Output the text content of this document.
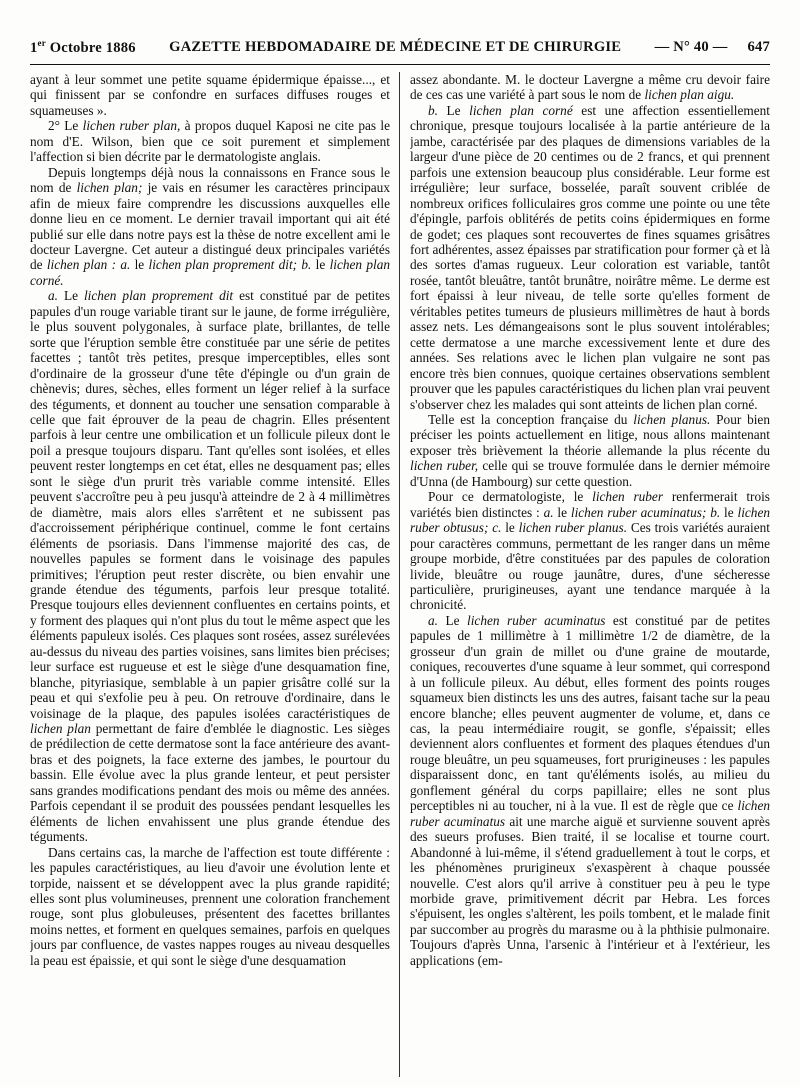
1er Octobre 1886 GAZETTE HEBDOMADAIRE DE MÉDECINE ET DE CHIRURGIE — N° 40 — 647

ayant à leur sommet une petite squame épidermique épaisse..., et qui finissent par se confondre en surfaces diffuses rouges et squameuses ».

2° Le lichen ruber plan, à propos duquel Kaposi ne cite pas le nom d'E. Wilson, bien que ce soit purement et simplement l'affection si bien décrite par le dermatologiste anglais.

Depuis longtemps déjà nous la connaissons en France sous le nom de lichen plan; je vais en résumer les caractères principaux afin de mieux faire comprendre les discussions auxquelles elle donne lieu en ce moment. Le dernier travail important qui ait été publié sur elle dans notre pays est la thèse de notre excellent ami le docteur Lavergne. Cet auteur a distingué deux principales variétés de lichen plan : a. le lichen plan proprement dit; b. le lichen plan corné.

a. Le lichen plan proprement dit est constitué par de petites papules d'un rouge variable tirant sur le jaune, de forme irrégulière, le plus souvent polygonales, à surface plate, brillantes, de telle sorte que l'éruption semble être constituée par une série de petites facettes ; tantôt très petites, presque imperceptibles, elles sont d'ordinaire de la grosseur d'une tête d'épingle ou d'un grain de chènevis; dures, sèches, elles forment un léger relief à la surface des téguments, et donnent au toucher une sensation comparable à celle que fait éprouver de la peau de chagrin. Elles présentent parfois à leur centre une ombilication et un follicule pileux dont le poil a presque toujours disparu. Tant qu'elles sont isolées, et elles peuvent rester longtemps en cet état, elles ne desquament pas; elles sont le siège d'un prurit très variable comme intensité. Elles peuvent s'accroître peu à peu jusqu'à atteindre de 2 à 4 millimètres de diamètre, mais alors elles s'arrêtent et ne subissent pas d'accroissement périphérique continuel, comme le font certains éléments de psoriasis. Dans l'immense majorité des cas, de nouvelles papules se forment dans le voisinage des papules primitives; l'éruption peut rester discrète, ou bien envahir une grande étendue des téguments, parfois leur presque totalité. Presque toujours elles deviennent confluentes en certains points, et y forment des plaques qui n'ont plus du tout le même aspect que les éléments papuleux isolés. Ces plaques sont rosées, assez surélevées au-dessus du niveau des parties voisines, sans limites bien précises; leur surface est rugueuse et est le siège d'une desquamation fine, blanche, pityriasique, semblable à un papier grisâtre collé sur la peau et qui s'exfolie peu à peu. On retrouve d'ordinaire, dans le voisinage de la plaque, des papules isolées caractéristiques de lichen plan permettant de faire d'emblée le diagnostic. Les sièges de prédilection de cette dermatose sont la face antérieure des avant-bras et des poignets, la face externe des jambes, le pourtour du bassin. Elle évolue avec la plus grande lenteur, et peut persister sans grandes modifications pendant des mois ou même des années. Parfois cependant il se produit des poussées pendant lesquelles les éléments de lichen envahissent une plus grande étendue des téguments.

Dans certains cas, la marche de l'affection est toute différente : les papules caractéristiques, au lieu d'avoir une évolution lente et torpide, naissent et se développent avec la plus grande rapidité; elles sont plus volumineuses, prennent une coloration franchement rouge, sont plus globuleuses, présentent des facettes brillantes moins nettes, et forment en quelques semaines, parfois en quelques jours par confluence, de vastes nappes rouges au niveau desquelles la peau est épaissie, et qui sont le siège d'une desquamation

assez abondante. M. le docteur Lavergne a même cru devoir faire de ces cas une variété à part sous le nom de lichen plan aigu.

b. Le lichen plan corné est une affection essentiellement chronique, presque toujours localisée à la partie antérieure de la jambe, caractérisée par des plaques de dimensions variables de la largeur d'une pièce de 20 centimes ou de 2 francs, et qui prennent parfois une extension beaucoup plus considérable. Leur forme est irrégulière; leur surface, bosselée, paraît souvent criblée de nombreux orifices folliculaires gros comme une pointe ou une tête d'épingle, parfois oblitérés de petits coins épidermiques en forme de godet; ces plaques sont recouvertes de fines squames grisâtres fort adhérentes, assez épaisses par stratification pour former çà et là des sortes d'amas rugueux. Leur coloration est variable, tantôt rosée, tantôt bleuâtre, tantôt brunâtre, noirâtre même. Le derme est fort épaissi à leur niveau, de telle sorte qu'elles forment de véritables petites tumeurs de plusieurs millimètres de haut à bords assez nets. Les démangeaisons sont le plus souvent intolérables; cette dermatose a une marche excessivement lente et dure des années. Ses relations avec le lichen plan vulgaire ne sont pas encore très bien connues, quoique certaines observations semblent prouver que les papules caractéristiques du lichen plan vrai peuvent s'observer chez les malades qui sont atteints de lichen plan corné.

Telle est la conception française du lichen planus. Pour bien préciser les points actuellement en litige, nous allons maintenant exposer très brièvement la théorie allemande la plus récente du lichen ruber, celle qui se trouve formulée dans le dernier mémoire d'Unna (de Hambourg) sur cette question.

Pour ce dermatologiste, le lichen ruber renfermerait trois variétés bien distinctes : a. le lichen ruber acuminatus; b. le lichen ruber obtusus; c. le lichen ruber planus. Ces trois variétés auraient pour caractères communs, permettant de les ranger dans un même groupe morbide, d'être constituées par des papules de coloration livide, bleuâtre ou rouge jaunâtre, dures, d'une sécheresse particulière, prurigineuses, ayant une tendance marquée à la chronicité.

a. Le lichen ruber acuminatus est constitué par de petites papules de 1 millimètre à 1 millimètre 1/2 de diamètre, de la grosseur d'un grain de millet ou d'une graine de moutarde, coniques, recouvertes d'une squame à leur sommet, qui correspond à un follicule pileux. Au début, elles forment des points rouges squameux bien distincts les uns des autres, faisant tache sur la peau encore blanche; elles peuvent augmenter de volume, et, dans ce cas, la peau intermédiaire rougit, se gonfle, s'épaissit; elles deviennent alors confluentes et forment des plaques étendues d'un rouge bleuâtre, un peu squameuses, fort prurigineuses : les papules disparaissent donc, en tant qu'éléments isolés, au milieu du gonflement général du corps papillaire; elles ne sont plus perceptibles ni au toucher, ni à la vue. Il est de règle que ce lichen ruber acuminatus ait une marche aiguë et survienne souvent après des sueurs profuses. Bien traité, il se localise et tourne court. Abandonné à lui-même, il s'étend graduellement à tout le corps, et les phénomènes prurigineux s'exaspèrent à chaque poussée nouvelle. C'est alors qu'il arrive à constituer peu à peu le type morbide grave, primitivement décrit par Hebra. Les forces s'épuisent, les ongles s'altèrent, les poils tombent, et le malade finit par succomber au progrès du marasme ou à la phthisie pulmonaire. Toujours d'après Unna, l'arsenic à l'intérieur et à l'extérieur, les applications (em-
